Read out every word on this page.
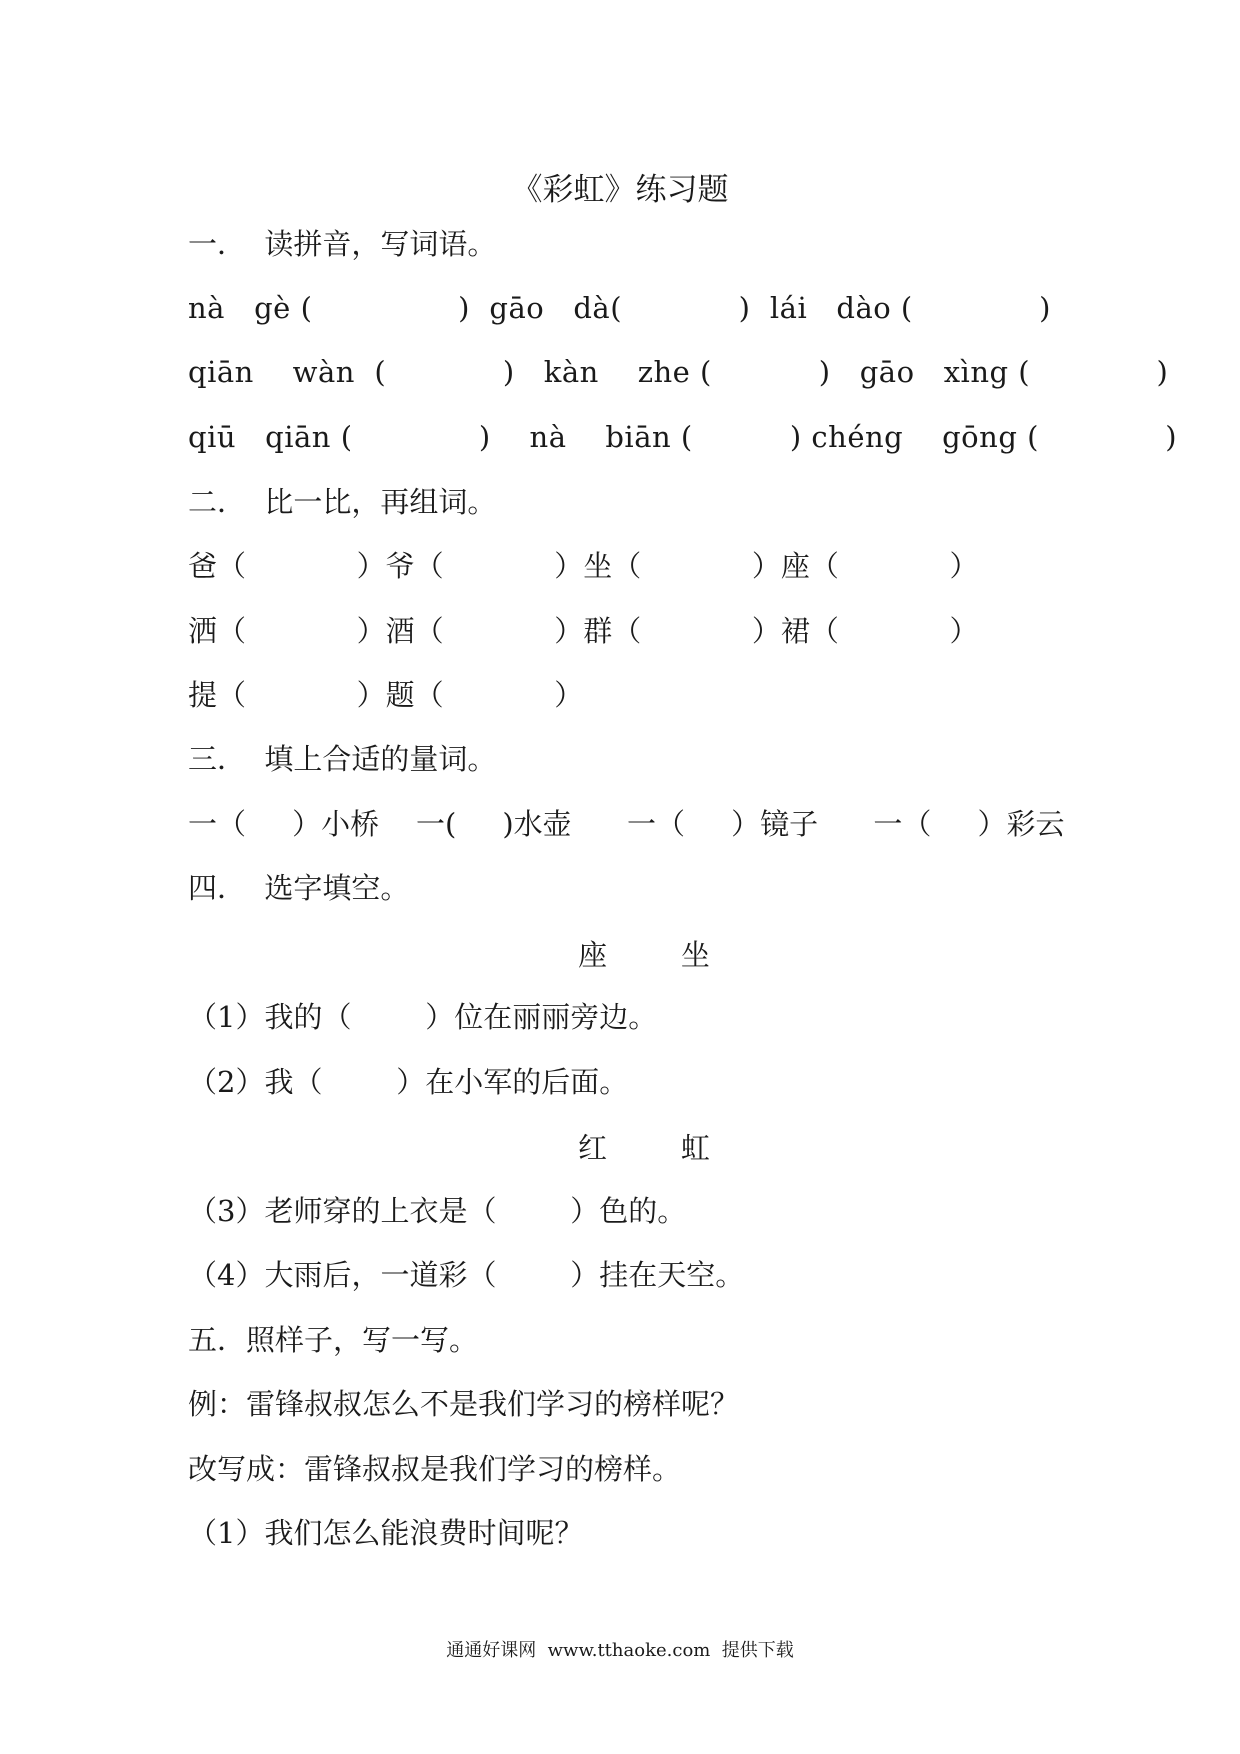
《彩虹》练习题
一．  读拼音，写词语。
nà   gè (               )  gāo   dà(            )  lái   dào (             )
qiān    wàn  (            )   kàn    zhe (           )   gāo   xìng (             )
qiū   qiān (             )    nà    biān (          ) chéng    gōng (             )
二．  比一比，再组词。
爸（            ）爷（            ）坐（            ）座（            ）
洒（            ）酒（            ）群（            ）裙（            ）
提（            ）题（            ）
三．  填上合适的量词。
一（     ）小桥    一(     )水壶      一（     ）镜子      一（     ）彩云
四．  选字填空。
座        坐
（1）我的（        ）位在丽丽旁边。
（2）我（        ）在小军的后面。
红        虹
（3）老师穿的上衣是（        ）色的。
（4）大雨后，一道彩（        ）挂在天空。
五．照样子，写一写。
例：雷锋叔叔怎么不是我们学习的榜样呢？
改写成：雷锋叔叔是我们学习的榜样。
（1）我们怎么能浪费时间呢？
通通好课网  www.tthaoke.com  提供下载
